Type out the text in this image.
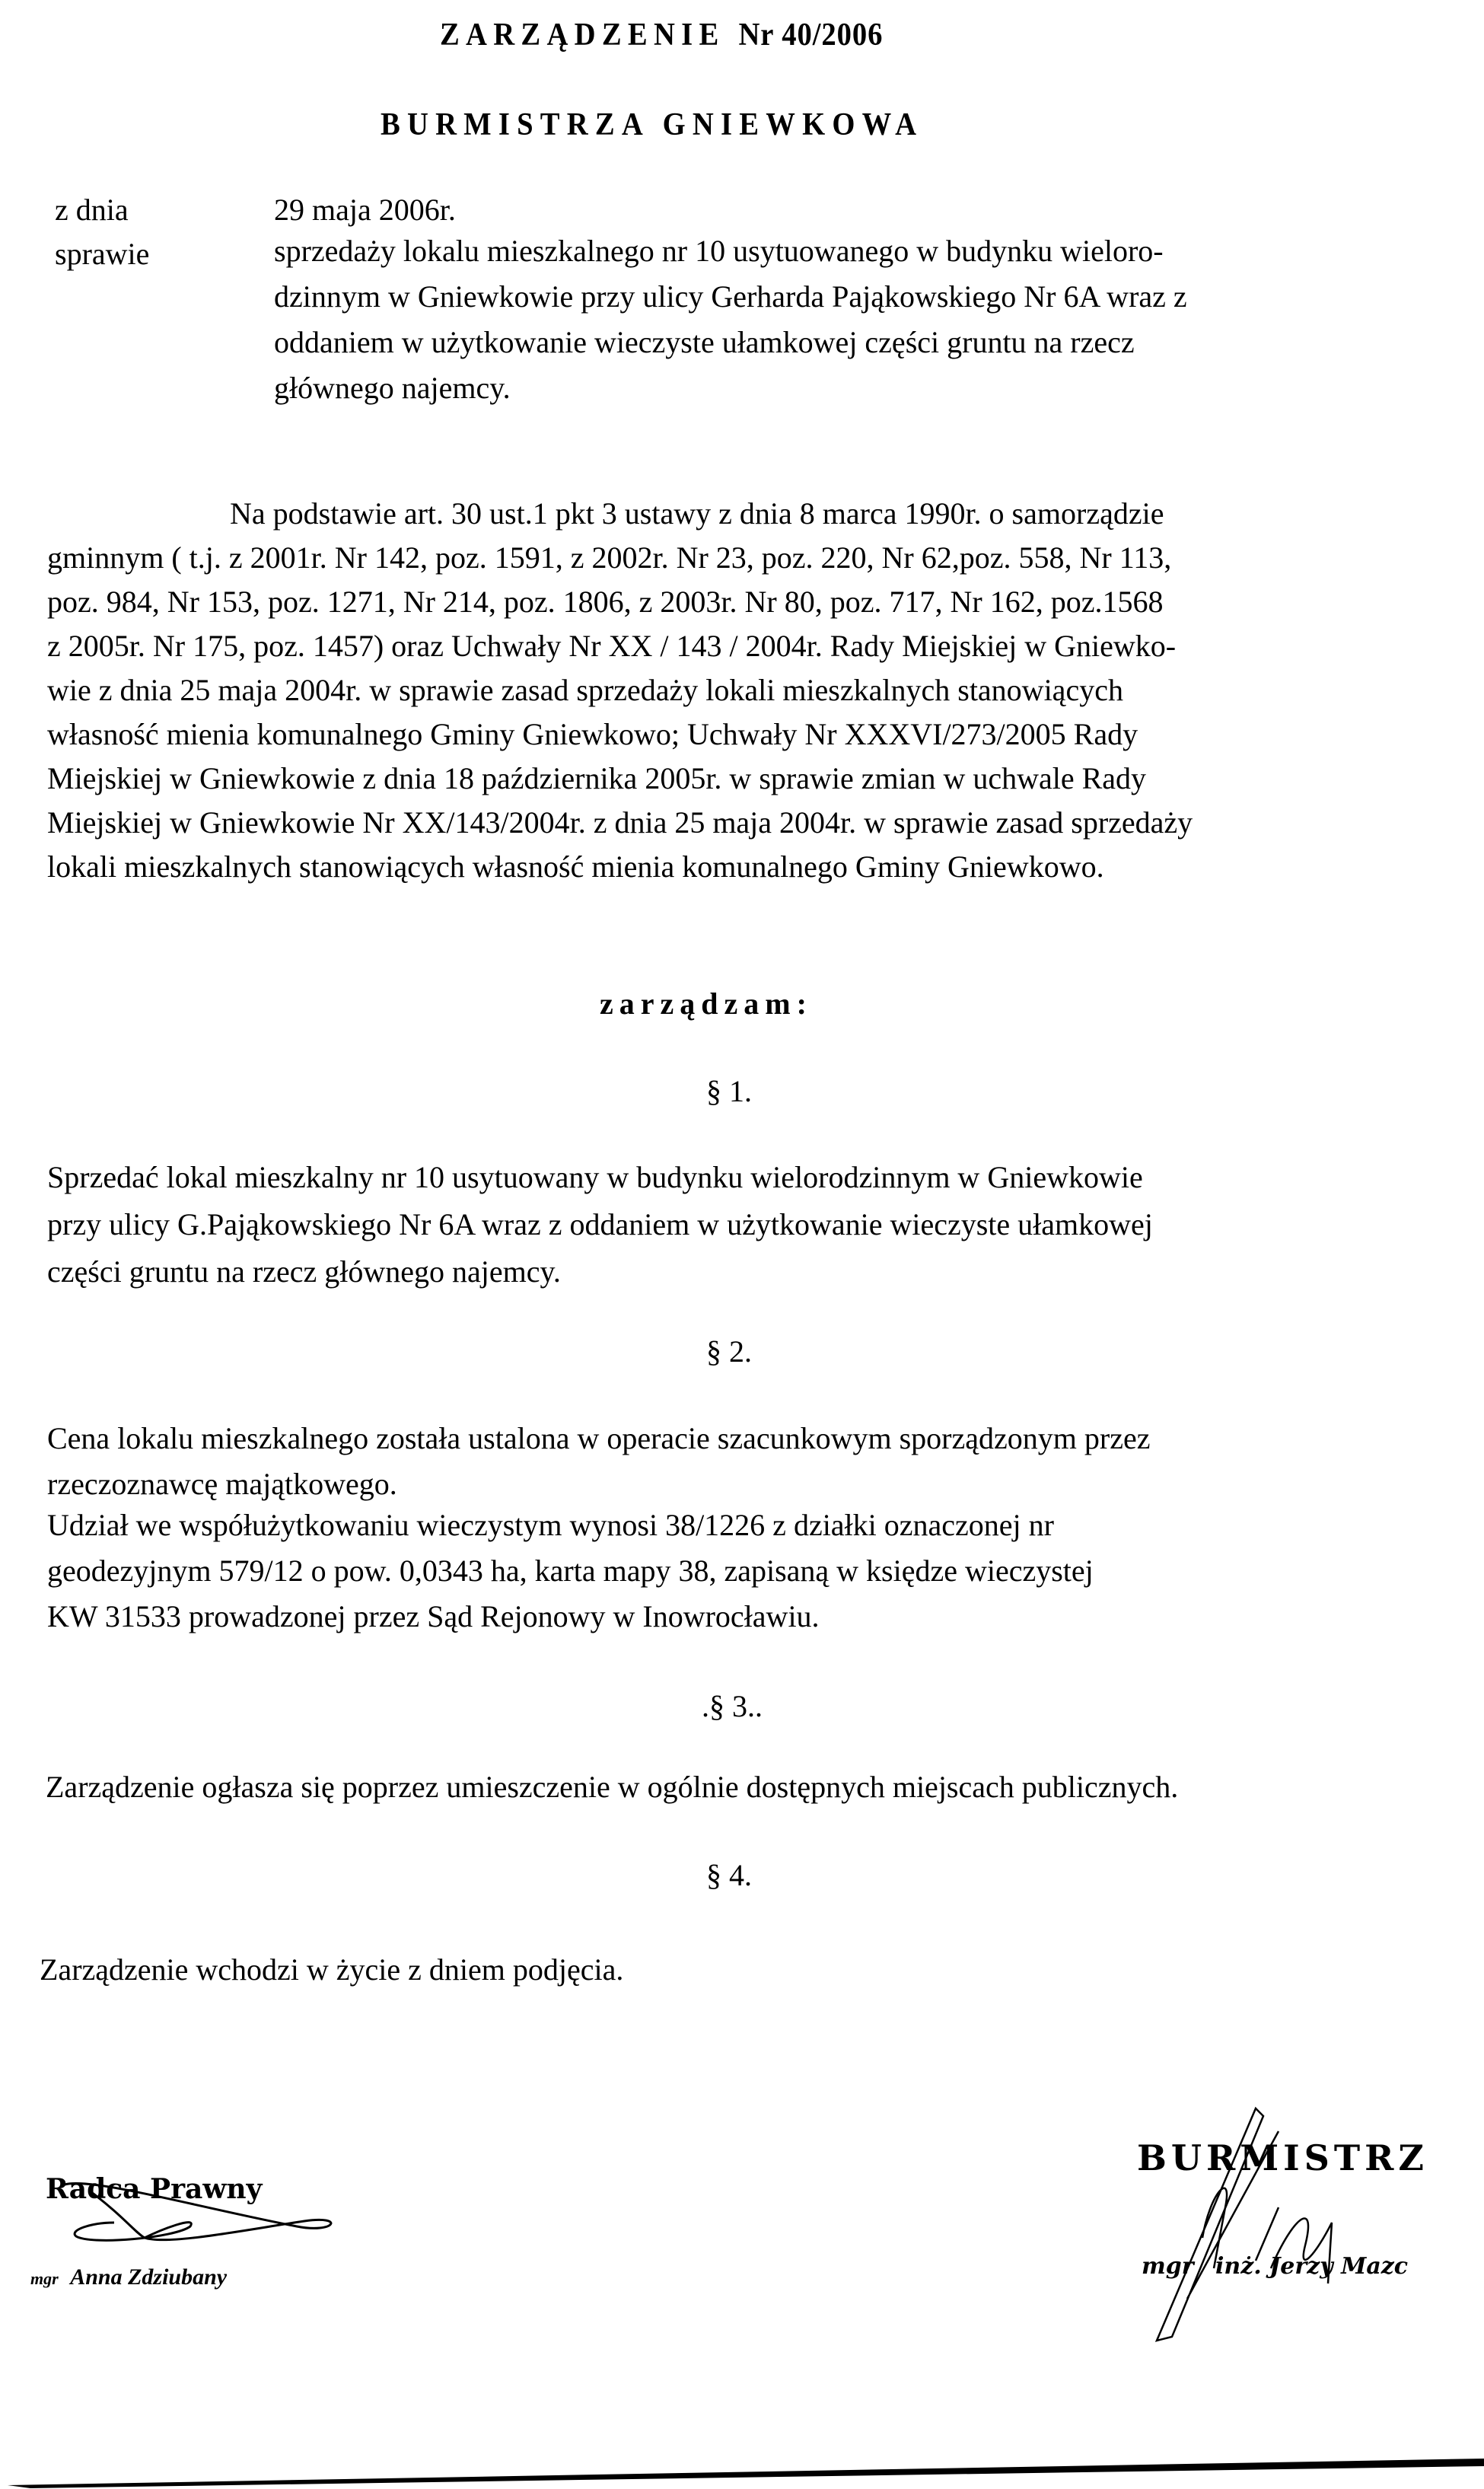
ZARZĄDZENIE Nr 40/2006
BURMISTRZA GNIEWKOWA
z dnia	29 maja 2006r.
sprawie	sprzedaży lokalu mieszkalnego nr 10 usytuowanego w budynku wieloro-
dzinnym w Gniewkowie przy ulicy Gerharda Pająkowskiego Nr 6A wraz z
oddaniem w użytkowanie wieczyste ułamkowej części gruntu na rzecz
głównego najemcy.
Na podstawie art. 30 ust.1 pkt 3 ustawy z dnia 8 marca 1990r. o samorządzie
gminnym ( t.j. z 2001r. Nr 142, poz. 1591, z 2002r. Nr 23, poz. 220, Nr 62,poz. 558, Nr 113,
poz. 984, Nr 153, poz. 1271, Nr 214, poz. 1806, z 2003r. Nr 80, poz. 717, Nr 162, poz.1568
z 2005r. Nr 175, poz. 1457) oraz Uchwały Nr XX / 143 / 2004r. Rady Miejskiej w Gniewko-
wie z dnia 25 maja 2004r. w sprawie zasad sprzedaży lokali mieszkalnych stanowiących
własność mienia komunalnego Gminy Gniewkowo; Uchwały Nr XXXVI/273/2005 Rady
Miejskiej w Gniewkowie z dnia 18 października 2005r. w sprawie zmian w uchwale Rady
Miejskiej w Gniewkowie Nr XX/143/2004r. z dnia 25 maja 2004r. w sprawie zasad sprzedaży
lokali mieszkalnych stanowiących własność mienia komunalnego Gminy Gniewkowo.
zarządzam:
§ 1.
Sprzedać lokal mieszkalny nr 10 usytuowany w budynku wielorodzinnym w Gniewkowie
przy ulicy G.Pająkowskiego Nr 6A wraz z oddaniem w użytkowanie wieczyste ułamkowej
części gruntu na rzecz głównego najemcy.
§ 2.
Cena lokalu mieszkalnego została ustalona w operacie szacunkowym sporządzonym przez
rzeczoznawcę majątkowego.
Udział we współużytkowaniu wieczystym wynosi 38/1226 z działki oznaczonej nr
geodezyjnym 579/12 o pow. 0,0343 ha, karta mapy 38, zapisaną w księdze wieczystej
KW 31533 prowadzonej przez Sąd Rejonowy w Inowrocławiu.
.§ 3..
Zarządzenie ogłasza się poprzez umieszczenie w ogólnie dostępnych miejscach publicznych.
§ 4.
Zarządzenie wchodzi w życie z dniem podjęcia.
Radca Prawny
mgr Anna Zdziubany
BURMISTRZ
mgr inż. Jerzy Mazc
